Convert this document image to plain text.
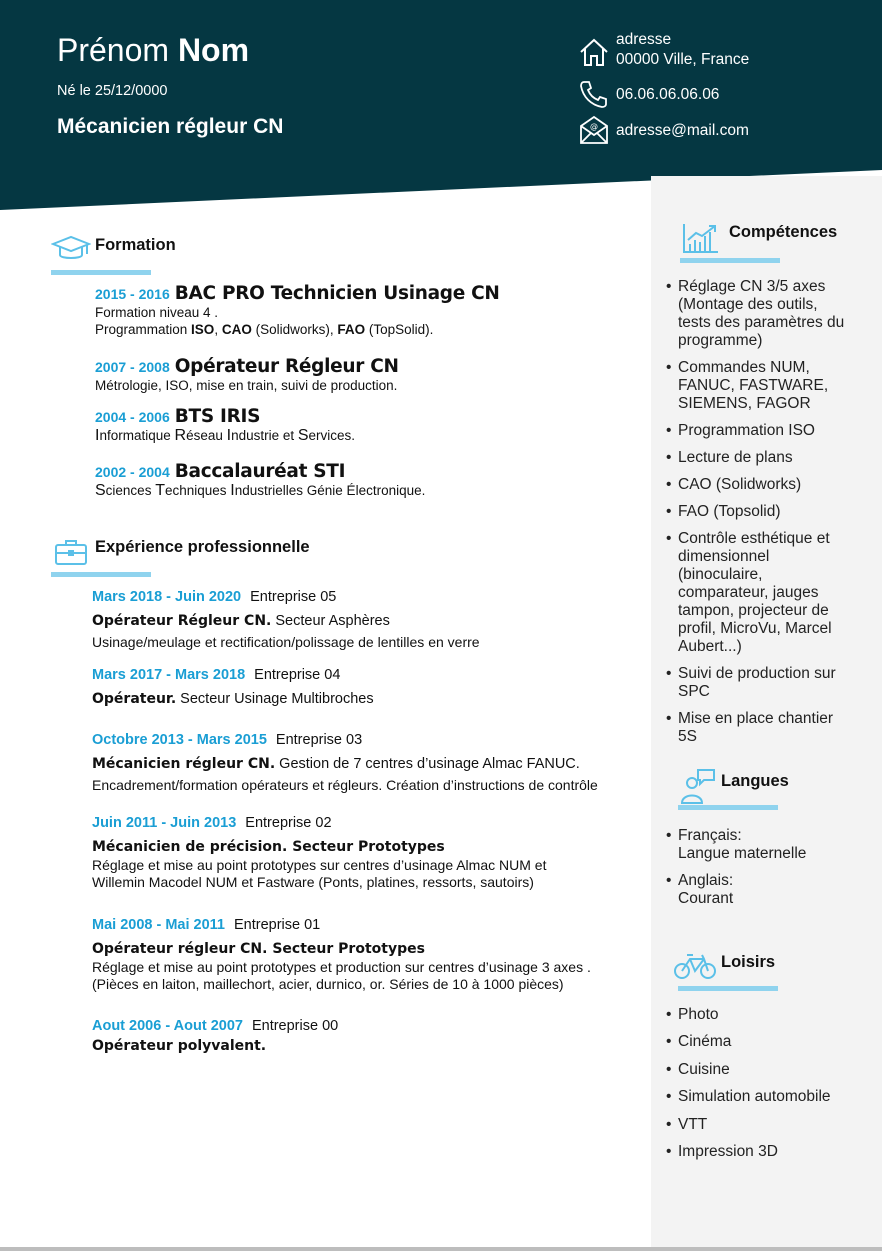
Prénom Nom
Né le 25/12/0000
Mécanicien régleur CN
adresse
00000 Ville, France
06.06.06.06.06
@ adresse@mail.com
Formation
2015 - 2016 BAC PRO Technicien Usinage CN
Formation niveau 4 .
Programmation ISO, CAO (Solidworks), FAO (TopSolid).
2007 - 2008 Opérateur Régleur CN
Métrologie, ISO, mise en train, suivi de production.
2004 - 2006 BTS IRIS
Informatique Réseau Industrie et Services.
2002 - 2004 Baccalauréat STI
Sciences Techniques Industrielles Génie Électronique.
Expérience professionnelle
Mars 2018 - Juin 2020 Entreprise 05
Opérateur Régleur CN. Secteur Asphères
Usinage/meulage et rectification/polissage de lentilles en verre
Mars 2017 - Mars 2018 Entreprise 04
Opérateur. Secteur Usinage Multibroches
Octobre 2013 - Mars 2015 Entreprise 03
Mécanicien régleur CN. Gestion de 7 centres d’usinage Almac FANUC.
Encadrement/formation opérateurs et régleurs. Création d’instructions de contrôle
Juin 2011 - Juin 2013 Entreprise 02
Mécanicien de précision. Secteur Prototypes
Réglage et mise au point prototypes sur centres d’usinage Almac NUM et
Willemin Macodel NUM et Fastware (Ponts, platines, ressorts, sautoirs)
Mai 2008 - Mai 2011 Entreprise 01
Opérateur régleur CN. Secteur Prototypes
Réglage et mise au point prototypes et production sur centres d’usinage 3 axes .
(Pièces en laiton, maillechort, acier, durnico, or. Séries de 10 à 1000 pièces)
Aout 2006 - Aout 2007 Entreprise 00
Opérateur polyvalent.
Compétences
• Réglage CN 3/5 axes
(Montage des outils,
tests des paramètres du
programme)
• Commandes NUM,
FANUC, FASTWARE,
SIEMENS, FAGOR
• Programmation ISO
• Lecture de plans
• CAO (Solidworks)
• FAO (Topsolid)
• Contrôle esthétique et
dimensionnel
(binoculaire,
comparateur, jauges
tampon, projecteur de
profil, MicroVu, Marcel
Aubert...)
• Suivi de production sur
SPC
• Mise en place chantier
5S
Langues
• Français:
Langue maternelle
• Anglais:
Courant
Loisirs
• Photo
• Cinéma
• Cuisine
• Simulation automobile
• VTT
• Impression 3D
